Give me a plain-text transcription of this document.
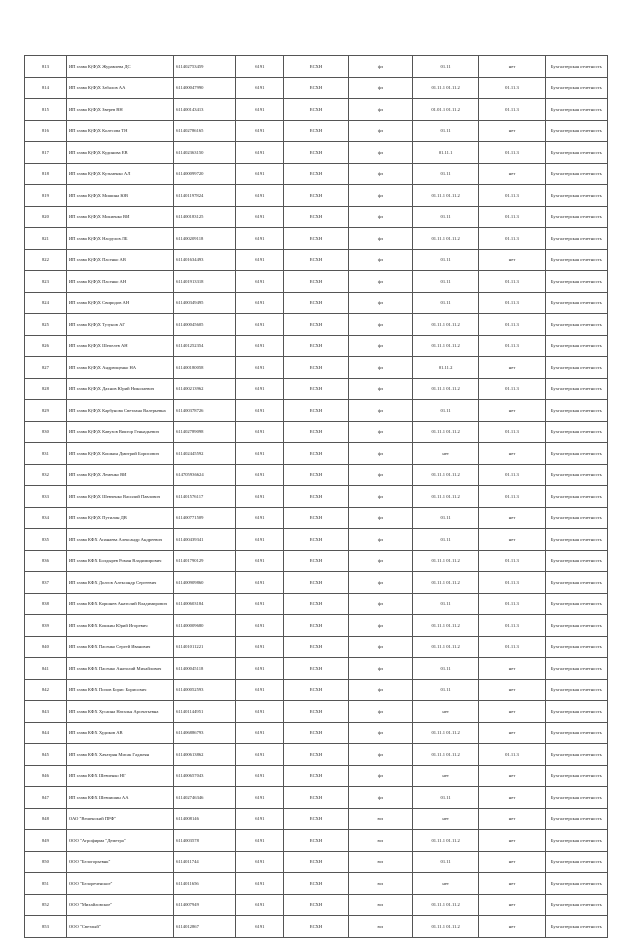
813	ИП глава К(Ф)Х Журавлева ДС	611402753459	6191	ЕСХН	фл	01.11	нет	Бухгалтерская отчетность
814	ИП глава К(Ф)Х Забалов АА	611400047990	6191	ЕСХН	фл	01.11.1 01.11.2	01.11.3	Бухгалтерская отчетность
815	ИП глава К(Ф)Х Зверев ВН	611400143413	6191	ЕСХН	фл	01.01.1 01.11.2	01.11.3	Бухгалтерская отчетность
816	ИП глава К(Ф)Х Колесова ТН	611402786165	6191	ЕСХН	фл	01.11	нет	Бухгалтерская отчетность
817	ИП глава К(Ф)Х Кудинова ЕВ	611402363150	6191	ЕСХН	фл	01.11.1	01.11.3	Бухгалтерская отчетность
818	ИП глава К(Ф)Х Кузьменко АЛ	611400099720	6191	ЕСХН	фл	01.11	нет	Бухгалтерская отчетность
819	ИП глава К(Ф)Х Мишина ЮВ	611401197824	6191	ЕСХН	фл	01.11.1 01.11.2	01.11.3	Бухгалтерская отчетность
820	ИП глава К(Ф)Х Мокиенко ВИ	611400183125	6191	ЕСХН	фл	01.11	01.11.3	Бухгалтерская отчетность
821	ИП глава К(Ф)Х Насрулов ЛБ	611400209118	6191	ЕСХН	фл	01.11.1 01.11.2	01.11.3	Бухгалтерская отчетность
822	ИП глава К(Ф)Х Пасенко АВ	611401634493	6191	ЕСХН	фл	01.11	нет	Бухгалтерская отчетность
823	ИП глава К(Ф)Х Пасенко АН	611401913318	6191	ЕСХН	фл	01.11	01.11.3	Бухгалтерская отчетность
824	ИП глава К(Ф)Х Свиридов АН	611400349495	6191	ЕСХН	фл	01.11	01.11.3	Бухгалтерская отчетность
825	ИП глава К(Ф)Х Тузунов АГ	611400045605	6191	ЕСХН	фл	01.11.1 01.11.2	01.11.3	Бухгалтерская отчетность
826	ИП глава К(Ф)Х Шепелев АН	611401252354	6191	ЕСХН	фл	01.11.1 01.11.2	01.11.3	Бухгалтерская отчетность
827	ИП глава К(Ф)Х Андрющенко НА	611400180058	6191	ЕСХН	фл	01.11.2	нет	Бухгалтерская отчетность
828	ИП глава К(Ф)Х Дахнов Юрий Николаевич	611400213962	6191	ЕСХН	фл	01.11.1 01.11.2	01.11.3	Бухгалтерская отчетность
829	ИП глава К(Ф)Х Карбунова Светлана Валерьевна	611400378726	6191	ЕСХН	фл	01.11	нет	Бухгалтерская отчетность
830	ИП глава К(Ф)Х Кавузов Виктор Геннадьевич	611402789098	6191	ЕСХН	фл	01.11.1 01.11.2	01.11.3	Бухгалтерская отчетность
831	ИП глава К(Ф)Х Кошкин Дмитрий Борисович	611402445592	6191	ЕСХН	фл	нет	нет	Бухгалтерская отчетность
832	ИП глава К(Ф)Х Леменко ВИ	614705936624	6191	ЕСХН	фл	01.11.1 01.11.2	01.11.3	Бухгалтерская отчетность
833	ИП глава К(Ф)Х Шевченко Василий Павлович	611401576117	6191	ЕСХН	фл	01.11.1 01.11.2	01.11.3	Бухгалтерская отчетность
834	ИП глава К(Ф)Х Путилин ДВ	611400771509	6191	ЕСХН	фл	01.11	нет	Бухгалтерская отчетность
835	ИП глава КФХ Апанаева Александр Андреевич	611400439341	6191	ЕСХН	фл	01.11	нет	Бухгалтерская отчетность
836	ИП глава КФХ Болдырев Роман Владимирович	611401790129	6191	ЕСХН	фл	01.11.1 01.11.2	01.11.3	Бухгалтерская отчетность
837	ИП глава КФХ Долгов Александр Сергеевич	611400909860	6191	ЕСХН	фл	01.11.1 01.11.2	01.11.3	Бухгалтерская отчетность
838	ИП глава КФХ Коршнев Анатолий Владимирович	611400603184	6191	ЕСХН	фл	01.11	01.11.3	Бухгалтерская отчетность
839	ИП глава КФХ Кошкин Юрий Игоревич	611400009680	6191	ЕСХН	фл	01.11.1 01.11.2	01.11.3	Бухгалтерская отчетность
840	ИП глава КФХ Пасенко Сергей Иванович	611401011221	6191	ЕСХН	фл	01.11.1 01.11.2	01.11.3	Бухгалтерская отчетность
841	ИП глава КФХ Пасенко Анатолий Михайлович	611400045118	6191	ЕСХН	фл	01.11	нет	Бухгалтерская отчетность
842	ИП глава КФХ Попов Борис Борисович	611400052593	6191	ЕСХН	фл	01.11	нет	Бухгалтерская отчетность
843	ИП глава КФХ Хусаина Наталья Арсентьевна	611401144951	6191	ЕСХН	фл	нет	нет	Бухгалтерская отчетность
844	ИП глава КФХ Худиков АВ	611406886793	6191	ЕСХН	фл	01.11.1 01.11.2	нет	Бухгалтерская отчетность
845	ИП глава КФХ Хачатрян Мисак Гаджеян	611400613862	6191	ЕСХН	фл	01.11.1 01.11.2	01.11.3	Бухгалтерская отчетность
846	ИП глава КФХ Шевченко НГ	611400657043	6191	ЕСХН	фл	нет	нет	Бухгалтерская отчетность
847	ИП глава КФХ Шевчишин АА	611402746346	6191	ЕСХН	фл	01.11	нет	Бухгалтерская отчетность
848	ОАО "Вешенский ПРФ"	6114008146	6191	ЕСХН	юл	нет	нет	Бухгалтерская отчетность
849	ООО "Агрофирма "Деметра"	6114003578	6191	ЕСХН	юл	01.11.1 01.11.2	нет	Бухгалтерская отчетность
850	ООО "Белогорьевнк"	6114011744	6191	ЕСХН	юл	01.11	нет	Бухгалтерская отчетность
851	ООО "Белореченское"	6114011656	6191	ЕСХН	юл	нет	нет	Бухгалтерская отчетность
852	ООО "Михайловское"	6114007949	6191	ЕСХН	юл	01.11.1 01.11.2	нет	Бухгалтерская отчетность
853	ООО "Светлый"	6114012867	6191	ЕСХН	юл	01.11.1 01.11.2	нет	Бухгалтерская отчетность
